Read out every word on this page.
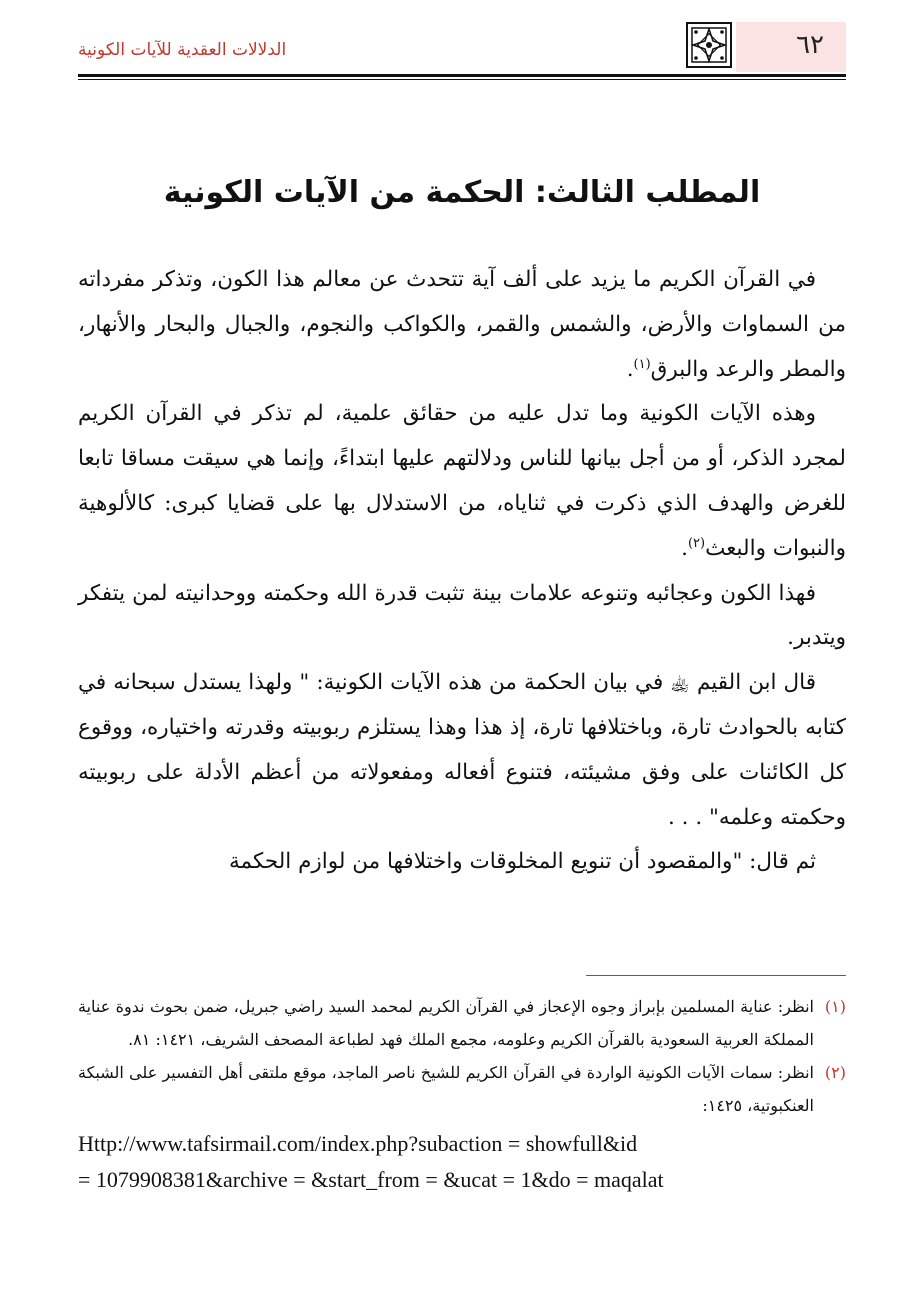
٦٢
الدلالات العقدية للآيات الكونية
المطلب الثالث: الحكمة من الآيات الكونية

في القرآن الكريم ما يزيد على ألف آية تتحدث عن معالم هذا الكون، وتذكر مفرداته من السماوات والأرض، والشمس والقمر، والكواكب والنجوم، والجبال والبحار والأنهار، والمطر والرعد والبرق$^{(١)}$.

وهذه الآيات الكونية وما تدل عليه من حقائق علمية، لم تذكر في القرآن الكريم لمجرد الذكر، أو من أجل بيانها للناس ودلالتهم عليها ابتداءً، وإنما هي سيقت مساقا تابعا للغرض والهدف الذي ذكرت في ثناياه، من الاستدلال بها على قضايا كبرى: كالألوهية والنبوات والبعث$^{(٢)}$.

فهذا الكون وعجائبه وتنوعه علامات بينة تثبت قدرة الله وحكمته ووحدانيته لمن يتفكر ويتدبر.

قال ابن القيم ﵀ في بيان الحكمة من هذه الآيات الكونية: " ولهذا يستدل سبحانه في كتابه بالحوادث تارة، وباختلافها تارة، إذ هذا وهذا يستلزم ربوبيته وقدرته واختياره، ووقوع كل الكائنات على وفق مشيئته، فتنوع أفعاله ومفعولاته من أعظم الأدلة على ربوبيته وحكمته وعلمه" . . .

ثم قال: "والمقصود أن تنويع المخلوقات واختلافها من لوازم الحكمة

(١)
انظر: عناية المسلمين بإبراز وجوه الإعجاز في القرآن الكريم لمحمد السيد راضي جبريل، ضمن بحوث ندوة عناية المملكة العربية السعودية بالقرآن الكريم وعلومه، مجمع الملك فهد لطباعة المصحف الشريف، ١٤٢١: ٨١.
(٢)
انظر: سمات الآيات الكونية الواردة في القرآن الكريم للشيخ ناصر الماجد، موقع ملتقى أهل التفسير على الشبكة العنكبوتية، ١٤٢٥:
Http://www.tafsirmail.com/index.php?subaction = showfull&id
= 1079908381&archive = &start_from = &ucat = 1&do = maqalat
